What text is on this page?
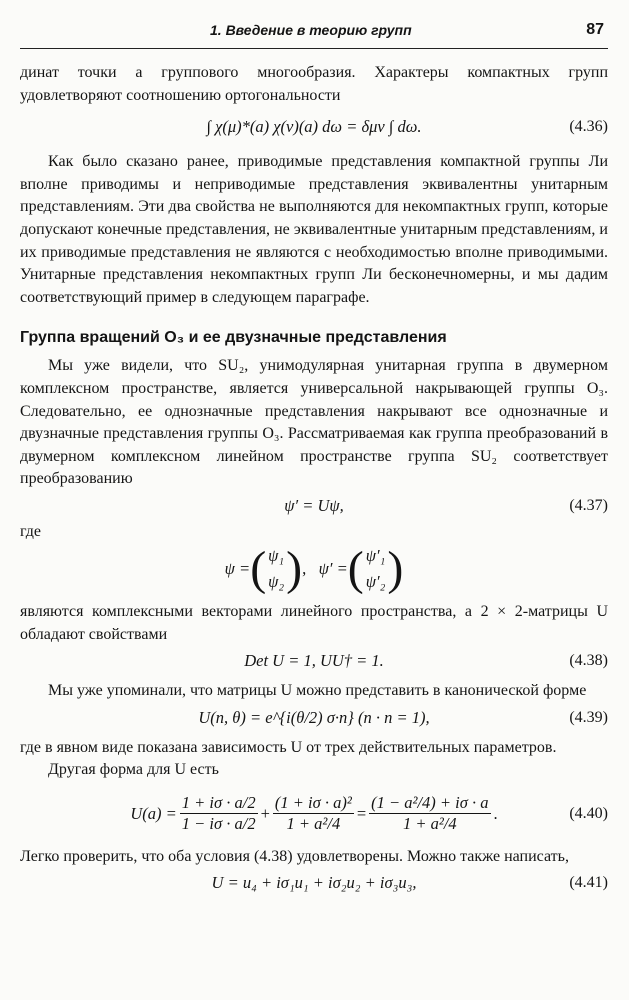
1. Введение в теорию групп	87

динат точки a группового многообразия. Характеры компактных групп удовлетворяют соотношению ортогональности

∫ χ(μ)*(a) χ(ν)(a) dω = δμν ∫ dω.	(4.36)

Как было сказано ранее, приводимые представления компактной группы Ли вполне приводимы и неприводимые представления эквивалентны унитарным представлениям. Эти два свойства не выполняются для некомпактных групп, которые допускают конечные представления, не эквивалентные унитарным представлениям, и их приводимые представления не являются с необходимостью вполне приводимыми. Унитарные представления некомпактных групп Ли бесконечномерны, и мы дадим соответствующий пример в следующем параграфе.

Группа вращений O₃ и ее двузначные представления

Мы уже видели, что SU₂, унимодулярная унитарная группа в двумерном комплексном пространстве, является универсальной накрывающей группы O₃. Следовательно, ее однозначные представления накрывают все однозначные и двузначные представления группы O₃. Рассматриваемая как группа преобразований в двумерном комплексном линейном пространстве группа SU₂ соответствует преобразованию

ψ′ = Uψ,	(4.37)
где
ψ = ( ψ₁
ψ₂ ) , ψ′ = ( ψ′₁
ψ′₂ )

являются комплексными векторами линейного пространства, а 2 × 2-матрицы U обладают свойствами

Det U = 1, UU† = 1.	(4.38)

Мы уже упоминали, что матрицы U можно представить в канонической форме

U(n, θ) = e^{i(θ/2) σ·n} (n · n = 1),	(4.39)

где в явном виде показана зависимость U от трех действительных параметров.

Другая форма для U есть

$U(a) = \frac{1 + i\sigma \cdot a/2}{1 - i\sigma \cdot a/2} + \frac{\text{(1 + iσ · a)²}}{\text{1 + a²/4}} = \frac{\text{(1 − a²/4) + iσ · a}}{\text{1 + a²/4}}$ .	(4.40)

Легко проверить, что оба условия (4.38) удовлетворены. Можно также написать,

U = u₄ + iσ₁u₁ + iσ₂u₂ + iσ₃u₃,	(4.41)
